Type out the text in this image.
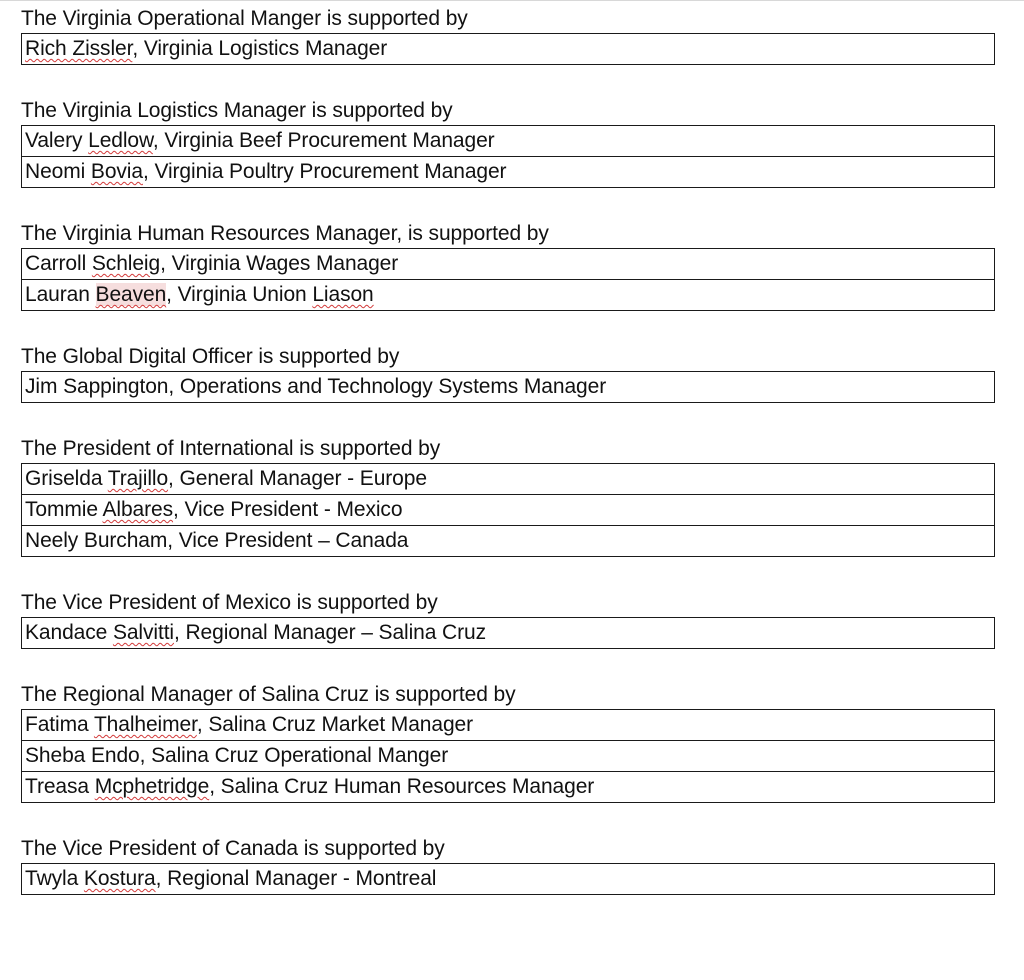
The Virginia Operational Manger is supported by
Rich Zissler, Virginia Logistics Manager
The Virginia Logistics Manager is supported by
Valery Ledlow, Virginia Beef Procurement Manager
Neomi Bovia, Virginia Poultry Procurement Manager
The Virginia Human Resources Manager, is supported by
Carroll Schleig, Virginia Wages Manager
Lauran Beaven, Virginia Union Liason
The Global Digital Officer is supported by
Jim Sappington, Operations and Technology Systems Manager
The President of International is supported by
Griselda Trajillo, General Manager - Europe
Tommie Albares, Vice President - Mexico
Neely Burcham, Vice President – Canada
The Vice President of Mexico is supported by
Kandace Salvitti, Regional Manager – Salina Cruz
The Regional Manager of Salina Cruz is supported by
Fatima Thalheimer, Salina Cruz Market Manager
Sheba Endo, Salina Cruz Operational Manger
Treasa Mcphetridge, Salina Cruz Human Resources Manager
The Vice President of Canada is supported by
Twyla Kostura, Regional Manager - Montreal
